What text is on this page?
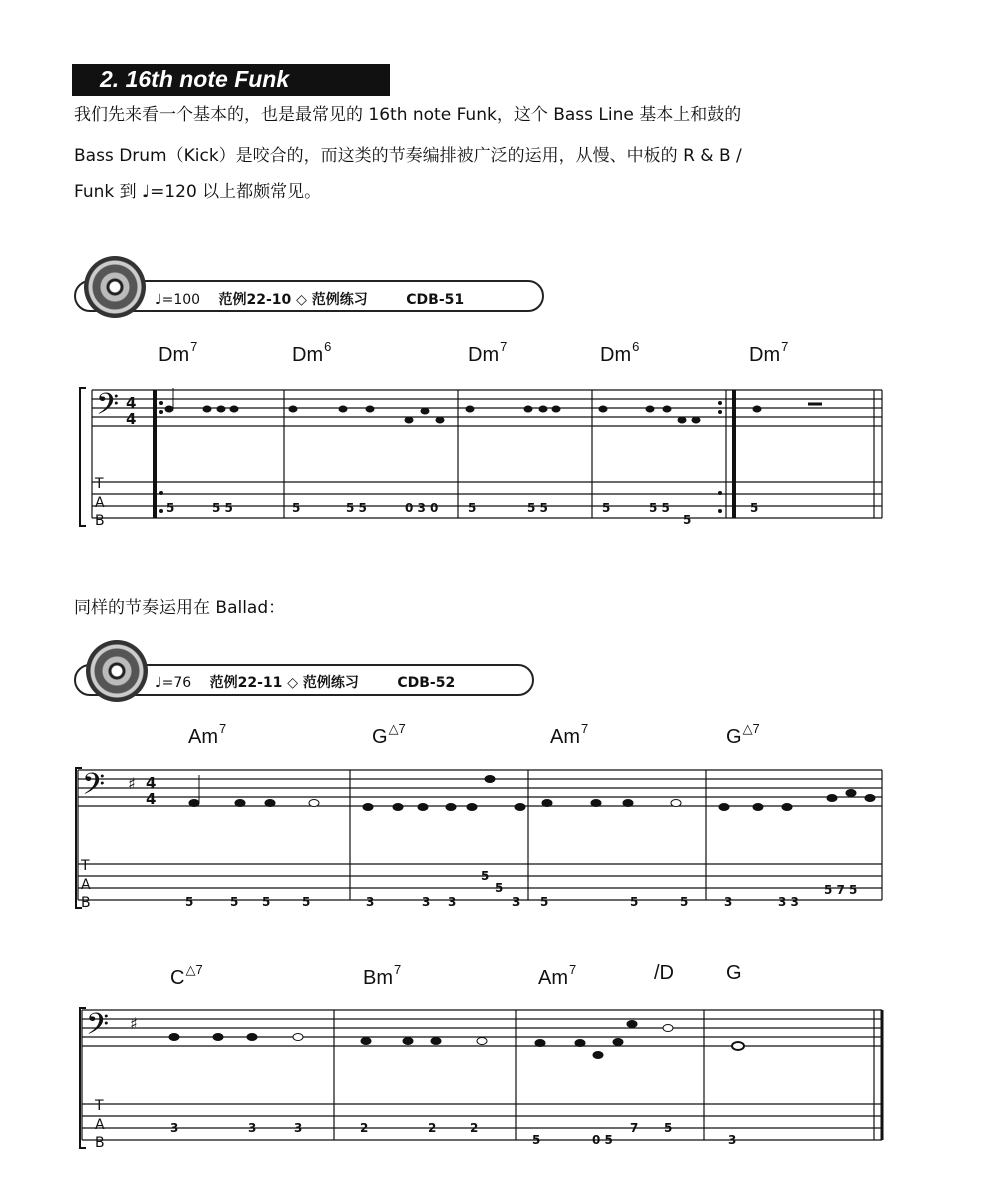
2. 16th note Funk
我们先来看一个基本的，也是最常见的 16th note Funk，这个 Bass Line 基本上和鼓的
Bass Drum（Kick）是咬合的，而这类的节奏编排被广泛的运用，从慢、中板的 R & B /
Funk 到 ♩=120 以上都颇常见。
♩=100 范例22-10 ◇ 范例练习	CDB-51
Dm$^7$	Dm$^6$	Dm$^7$	Dm$^6$	Dm$^7$
同样的节奏运用在 Ballad：
♩=76 范例22-11 ◇ 范例练习	CDB-52
Am$^7$	$G^{\triangle 7}$	Am$^7$	$G^{\triangle 7}$
$C^{\triangle 7}$	Bm$^7$	Am$^7$	/D	G
𝄢 4
4
T
A
B
5	5 5	5	5 5	0 3 0 5	5 5	5	5 5
5
5
𝄢 ♯ 4
4
T
A
B	5	5 5	5	3	3 3
5
5
3 5	5	5	3	3 3
5 7 5
𝄢 ♯
T
A
B
3	3	3	2	2	2
5	0 5
7 5
3
